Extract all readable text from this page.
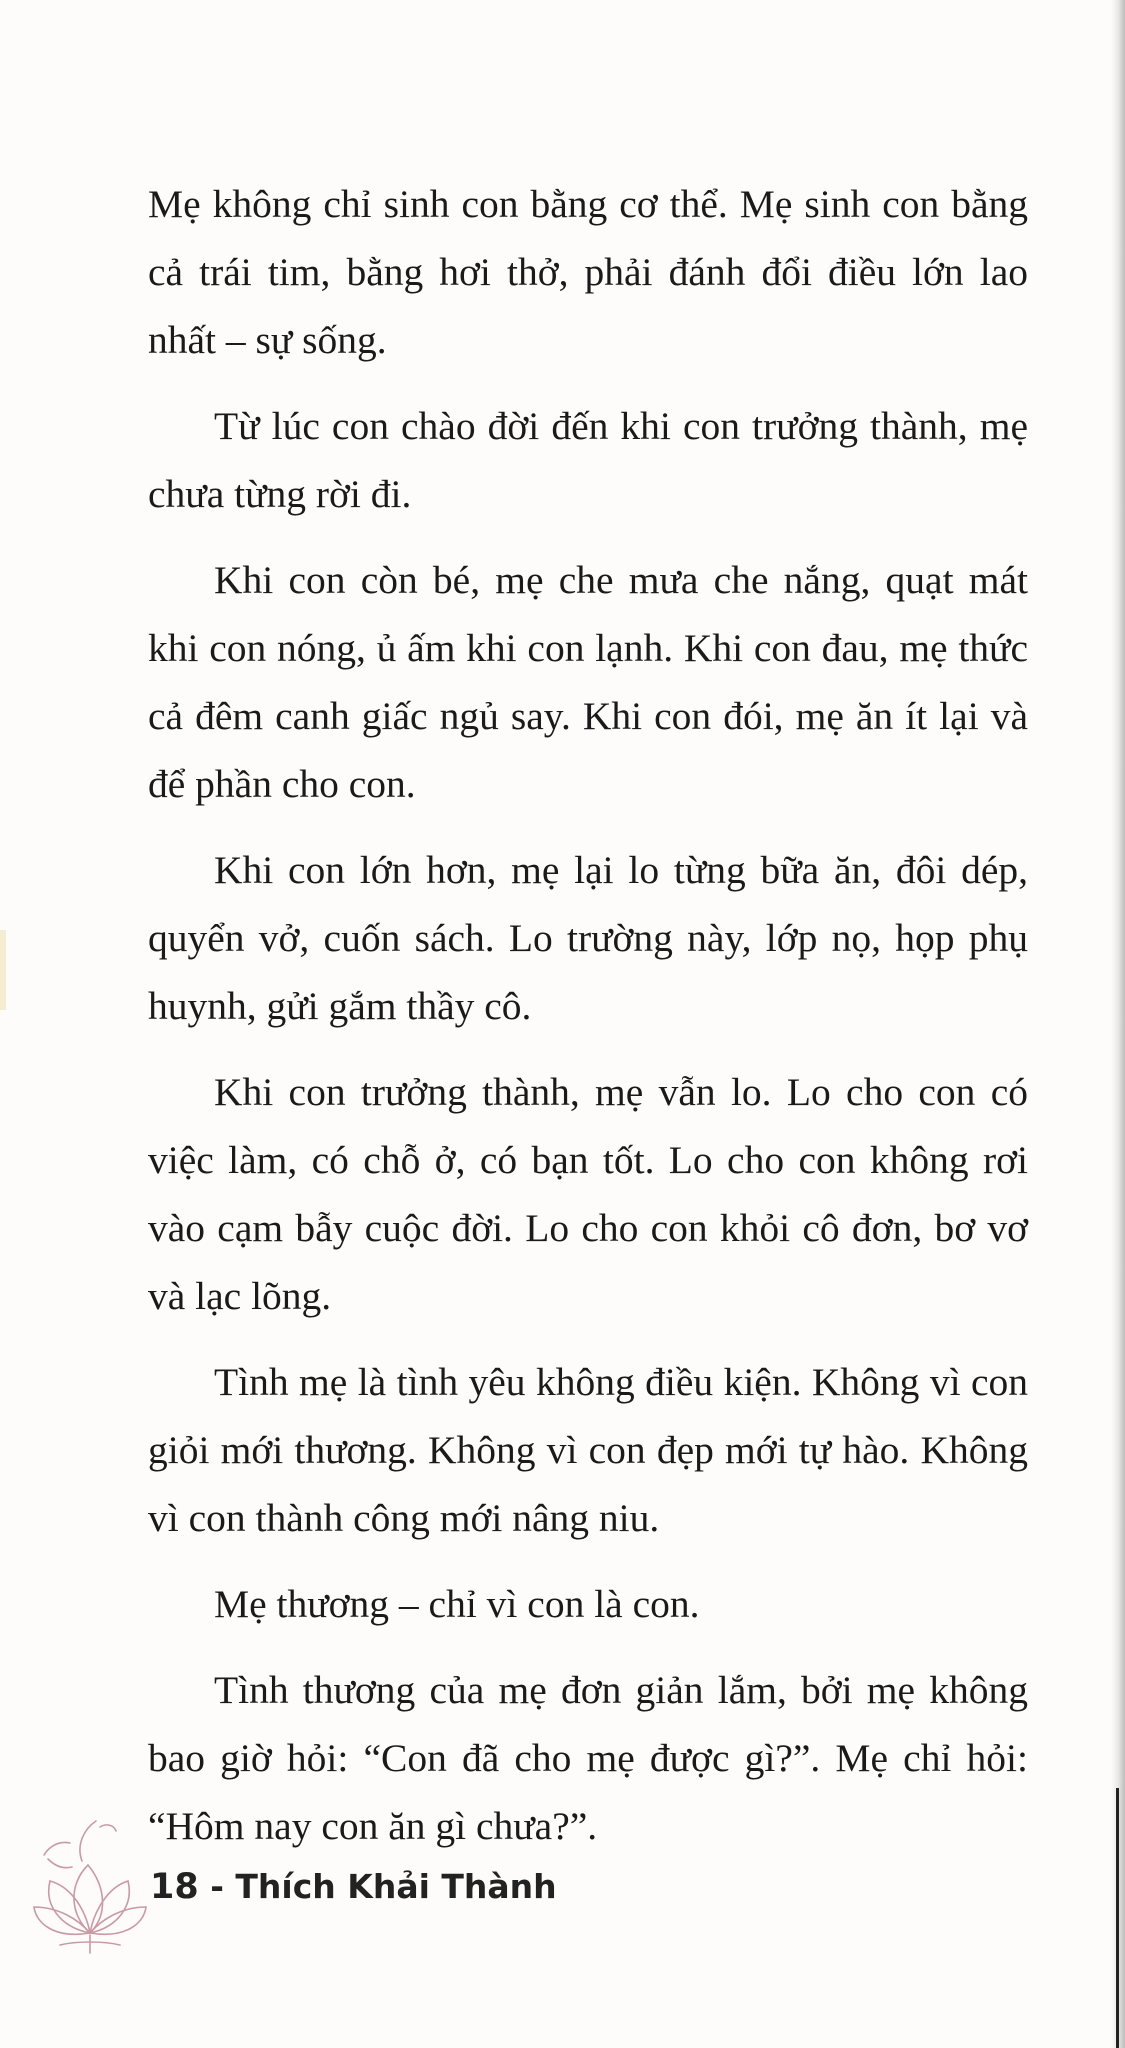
Mẹ không chỉ sinh con bằng cơ thể. Mẹ sinh con bằng cả trái tim, bằng hơi thở, phải đánh đổi điều lớn lao nhất – sự sống.

Từ lúc con chào đời đến khi con trưởng thành, mẹ chưa từng rời đi.

Khi con còn bé, mẹ che mưa che nắng, quạt mát khi con nóng, ủ ấm khi con lạnh. Khi con đau, mẹ thức cả đêm canh giấc ngủ say. Khi con đói, mẹ ăn ít lại và để phần cho con.

Khi con lớn hơn, mẹ lại lo từng bữa ăn, đôi dép, quyển vở, cuốn sách. Lo trường này, lớp nọ, họp phụ huynh, gửi gắm thầy cô.

Khi con trưởng thành, mẹ vẫn lo. Lo cho con có việc làm, có chỗ ở, có bạn tốt. Lo cho con không rơi vào cạm bẫy cuộc đời. Lo cho con khỏi cô đơn, bơ vơ và lạc lõng.

Tình mẹ là tình yêu không điều kiện. Không vì con giỏi mới thương. Không vì con đẹp mới tự hào. Không vì con thành công mới nâng niu.

Mẹ thương – chỉ vì con là con.

Tình thương của mẹ đơn giản lắm, bởi mẹ không bao giờ hỏi: “Con đã cho mẹ được gì?”. Mẹ chỉ hỏi: “Hôm nay con ăn gì chưa?”.

18 - Thích Khải Thành
